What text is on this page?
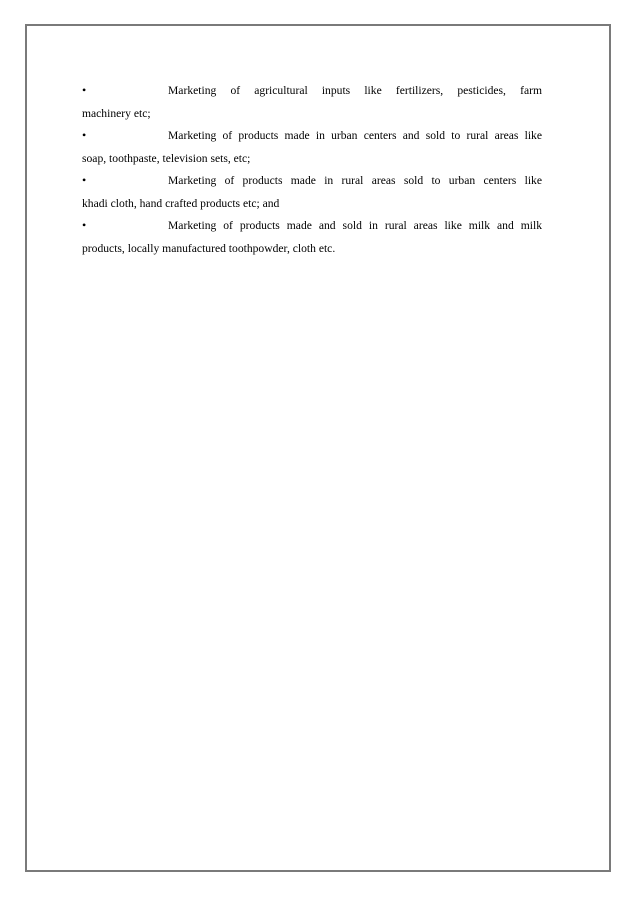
•	Marketing of agricultural inputs like fertilizers, pesticides, farm
machinery etc;
•	Marketing of products made in urban centers and sold to rural areas like
soap, toothpaste, television sets, etc;
•	Marketing of products made in rural areas sold to urban centers like
khadi cloth, hand crafted products etc; and
•	Marketing of products made and sold in rural areas like milk and milk
products, locally manufactured toothpowder, cloth etc.
